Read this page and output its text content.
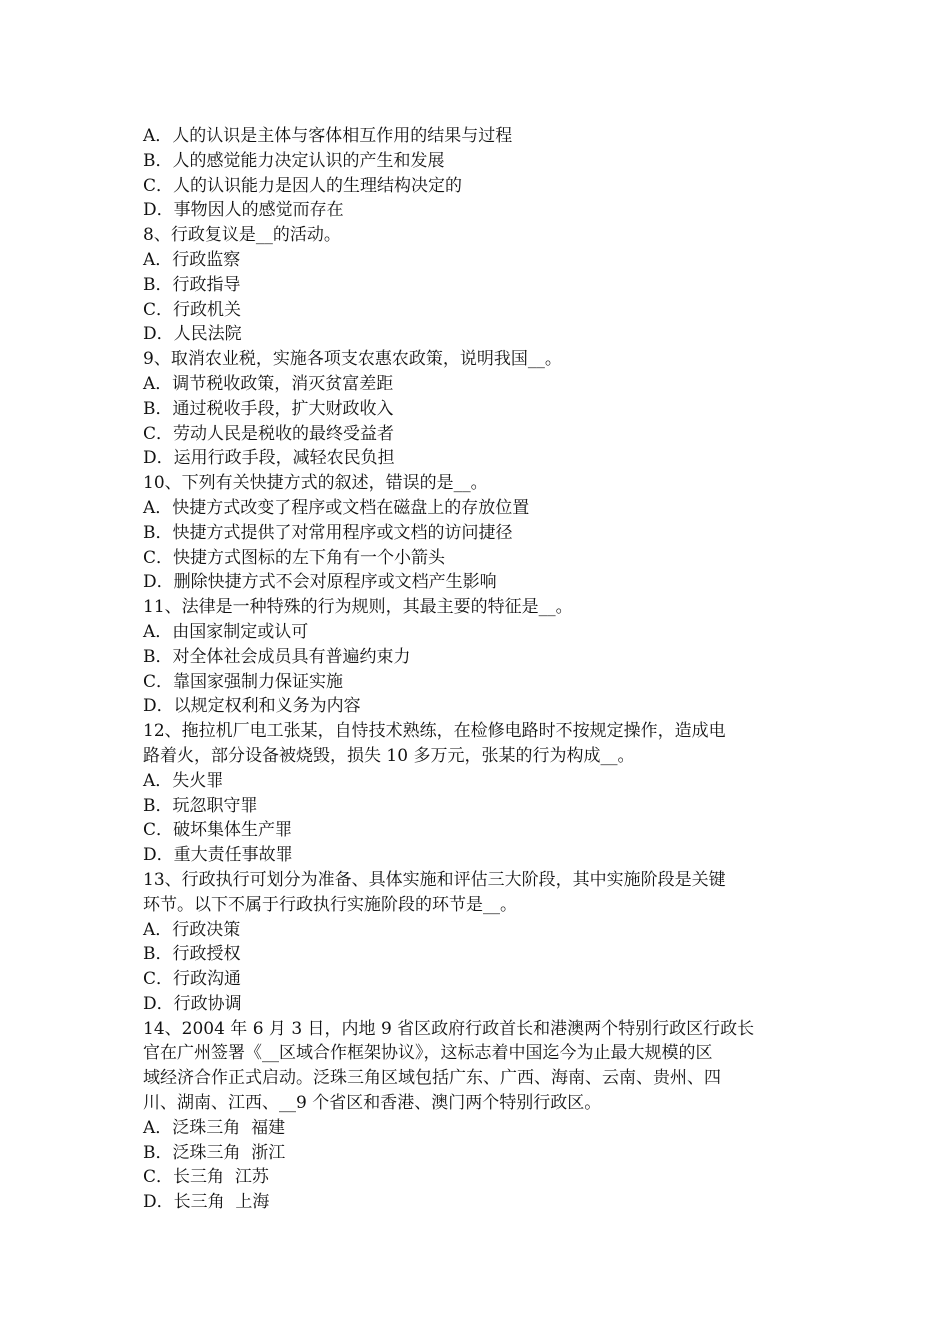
A．人的认识是主体与客体相互作用的结果与过程
B．人的感觉能力决定认识的产生和发展
C．人的认识能力是因人的生理结构决定的
D．事物因人的感觉而存在
8、行政复议是__的活动。
A．行政监察
B．行政指导
C．行政机关
D．人民法院
9、取消农业税，实施各项支农惠农政策，说明我国__。
A．调节税收政策，消灭贫富差距
B．通过税收手段，扩大财政收入
C．劳动人民是税收的最终受益者
D．运用行政手段，减轻农民负担
10、下列有关快捷方式的叙述，错误的是__。
A．快捷方式改变了程序或文档在磁盘上的存放位置
B．快捷方式提供了对常用程序或文档的访问捷径
C．快捷方式图标的左下角有一个小箭头
D．删除快捷方式不会对原程序或文档产生影响
11、法律是一种特殊的行为规则，其最主要的特征是__。
A．由国家制定或认可
B．对全体社会成员具有普遍约束力
C．靠国家强制力保证实施
D．以规定权利和义务为内容
12、拖拉机厂电工张某，自恃技术熟练，在检修电路时不按规定操作，造成电
路着火，部分设备被烧毁，损失 10 多万元，张某的行为构成__。
A．失火罪
B．玩忽职守罪
C．破坏集体生产罪
D．重大责任事故罪
13、行政执行可划分为准备、具体实施和评估三大阶段，其中实施阶段是关键
环节。以下不属于行政执行实施阶段的环节是__。
A．行政决策
B．行政授权
C．行政沟通
D．行政协调
14、2004 年 6 月 3 日，内地 9 省区政府行政首长和港澳两个特别行政区行政长
官在广州签署《__区域合作框架协议》，这标志着中国迄今为止最大规模的区
域经济合作正式启动。泛珠三角区域包括广东、广西、海南、云南、贵州、四
川、湖南、江西、__9 个省区和香港、澳门两个特别行政区。
A．泛珠三角  福建
B．泛珠三角  浙江
C．长三角  江苏
D．长三角  上海
